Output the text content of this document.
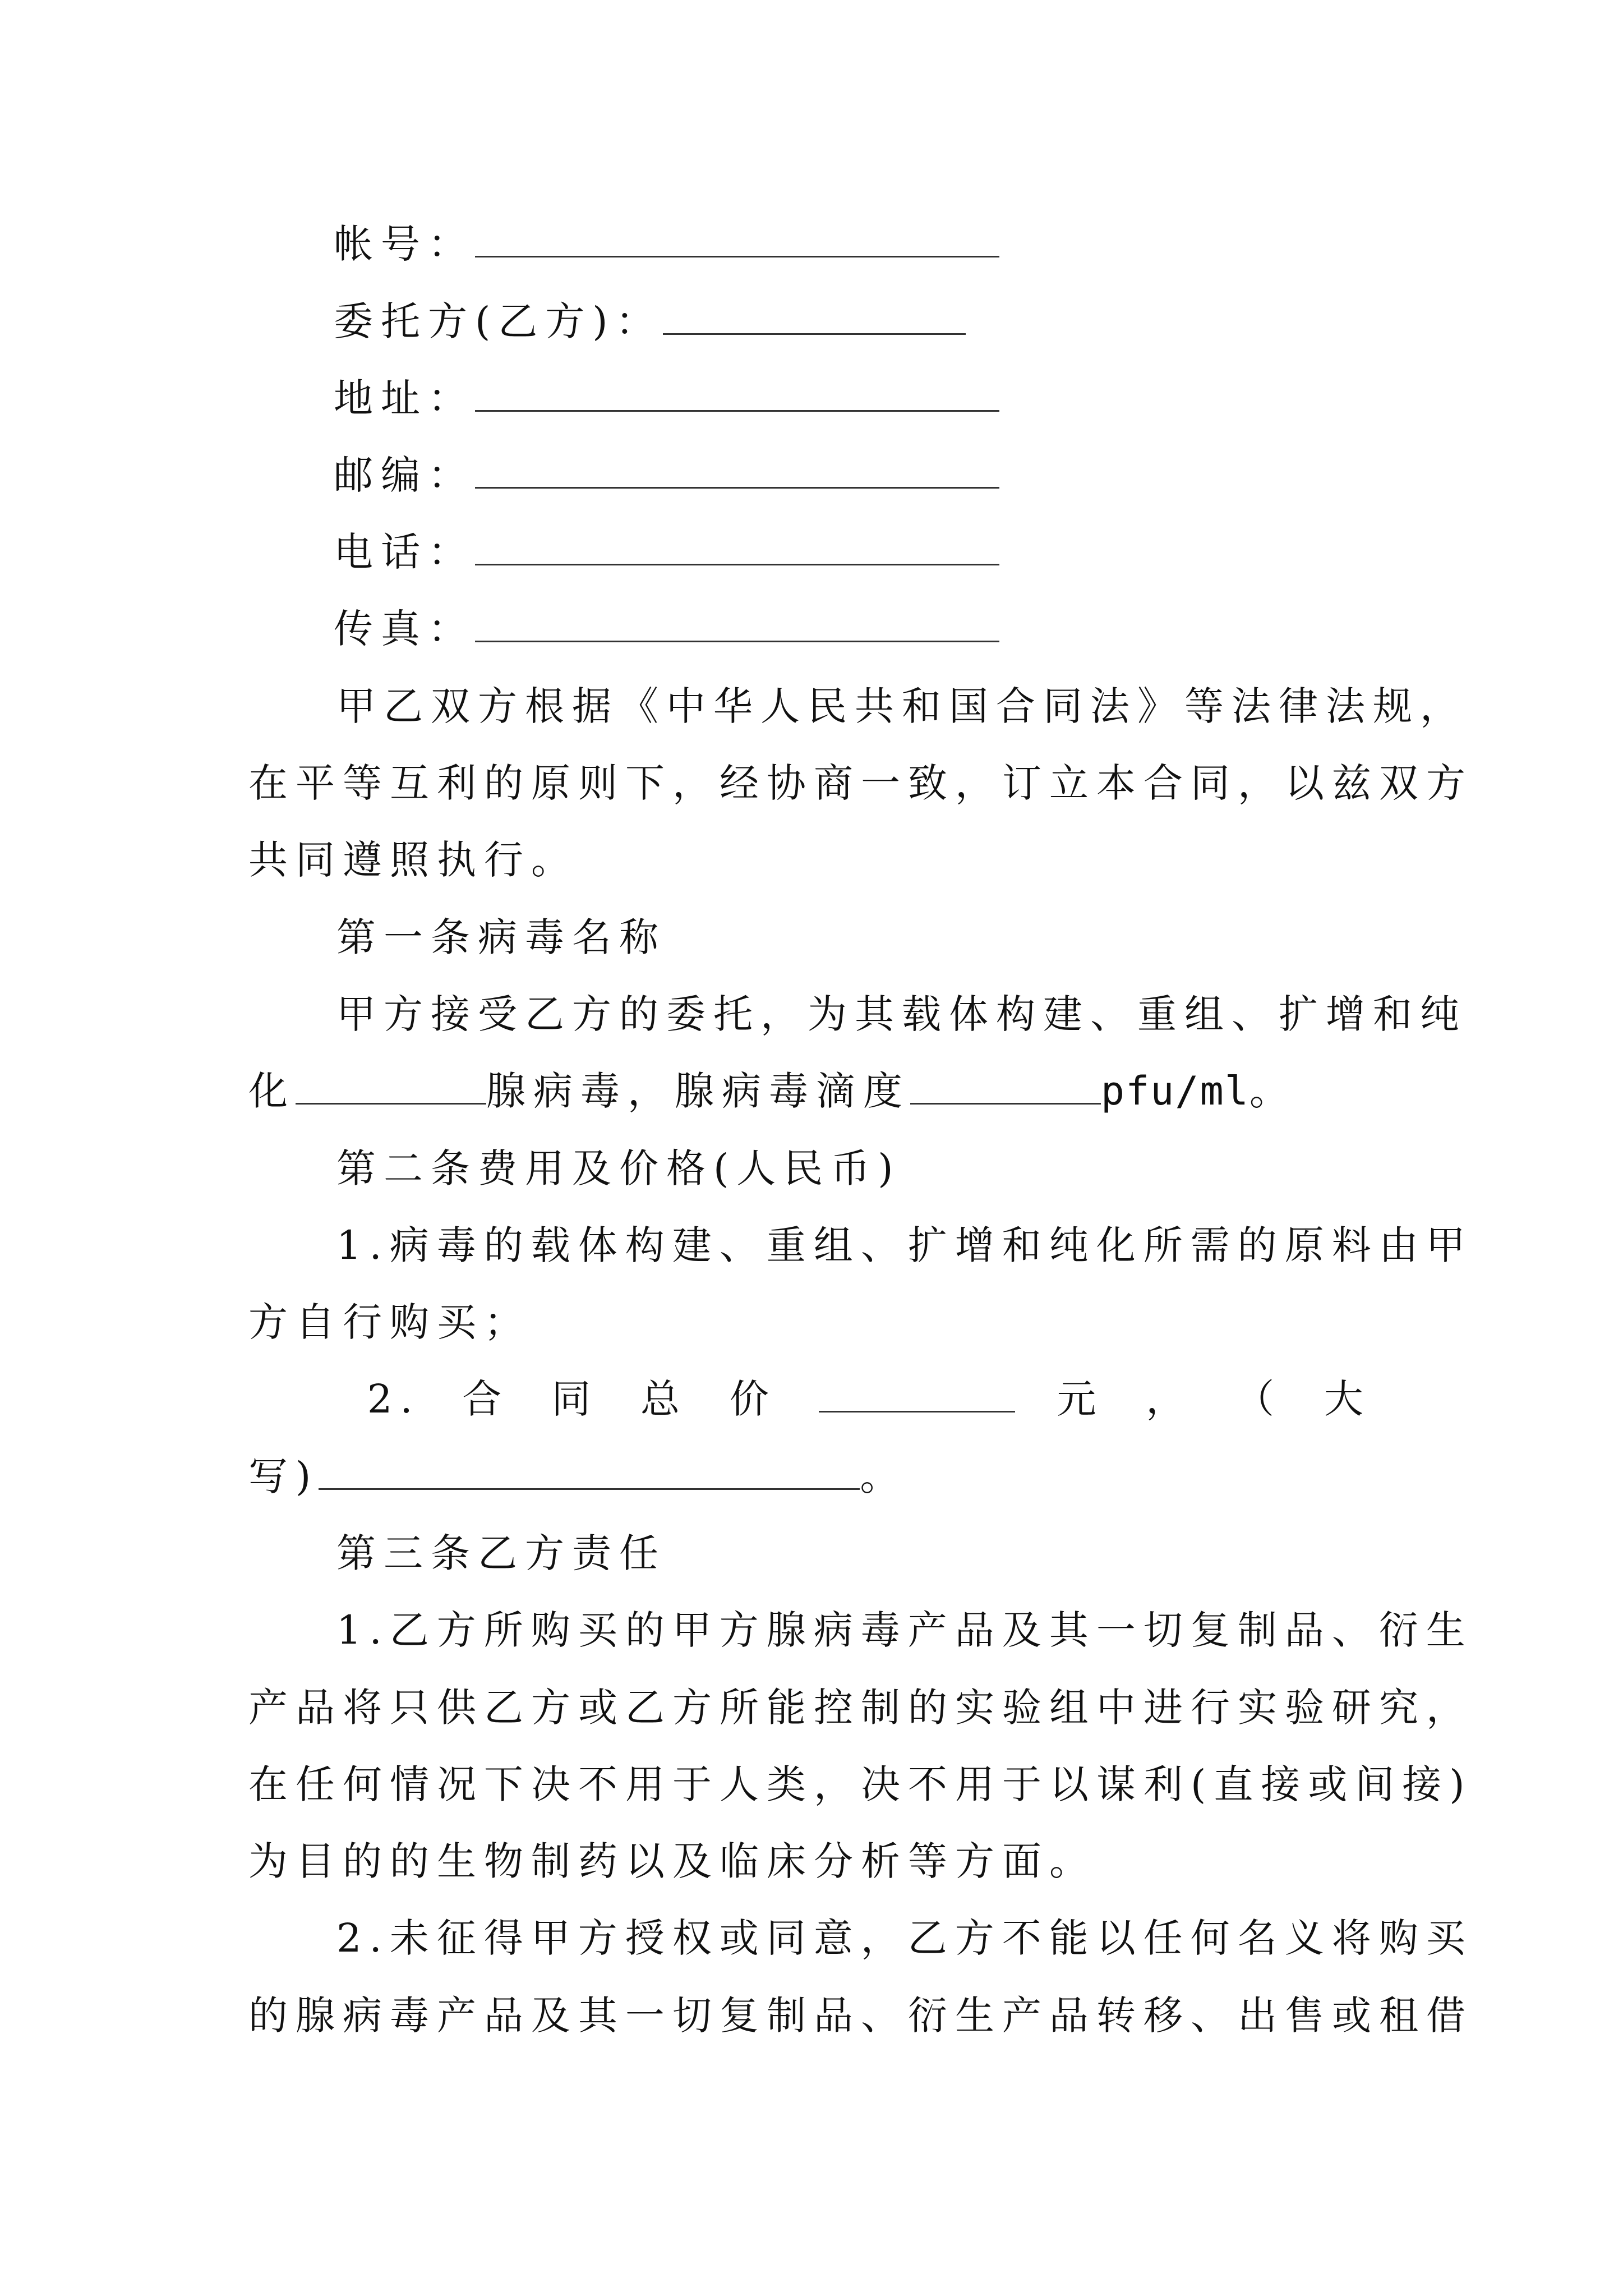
帐号：
委托方(乙方)：
地址：
邮编：
电话：
传真：
甲乙双方根据《中华人民共和国合同法》等法律法规，
在平等互利的原则下，经协商一致，订立本合同，以兹双方
共同遵照执行。
第一条病毒名称
甲方接受乙方的委托，为其载体构建、重组、扩增和纯
化	腺病毒，腺病毒滴度	pfu/ml。
第二条费用及价格(人民币)
1.病毒的载体构建、重组、扩增和纯化所需的原料由甲
方自行购买；
2. 合 同 总 价	元 ， （ 大
写)	。
第三条乙方责任
1.乙方所购买的甲方腺病毒产品及其一切复制品、衍生
产品将只供乙方或乙方所能控制的实验组中进行实验研究，
在任何情况下决不用于人类，决不用于以谋利(直接或间接)
为目的的生物制药以及临床分析等方面。
2.未征得甲方授权或同意，乙方不能以任何名义将购买
的腺病毒产品及其一切复制品、衍生产品转移、出售或租借
